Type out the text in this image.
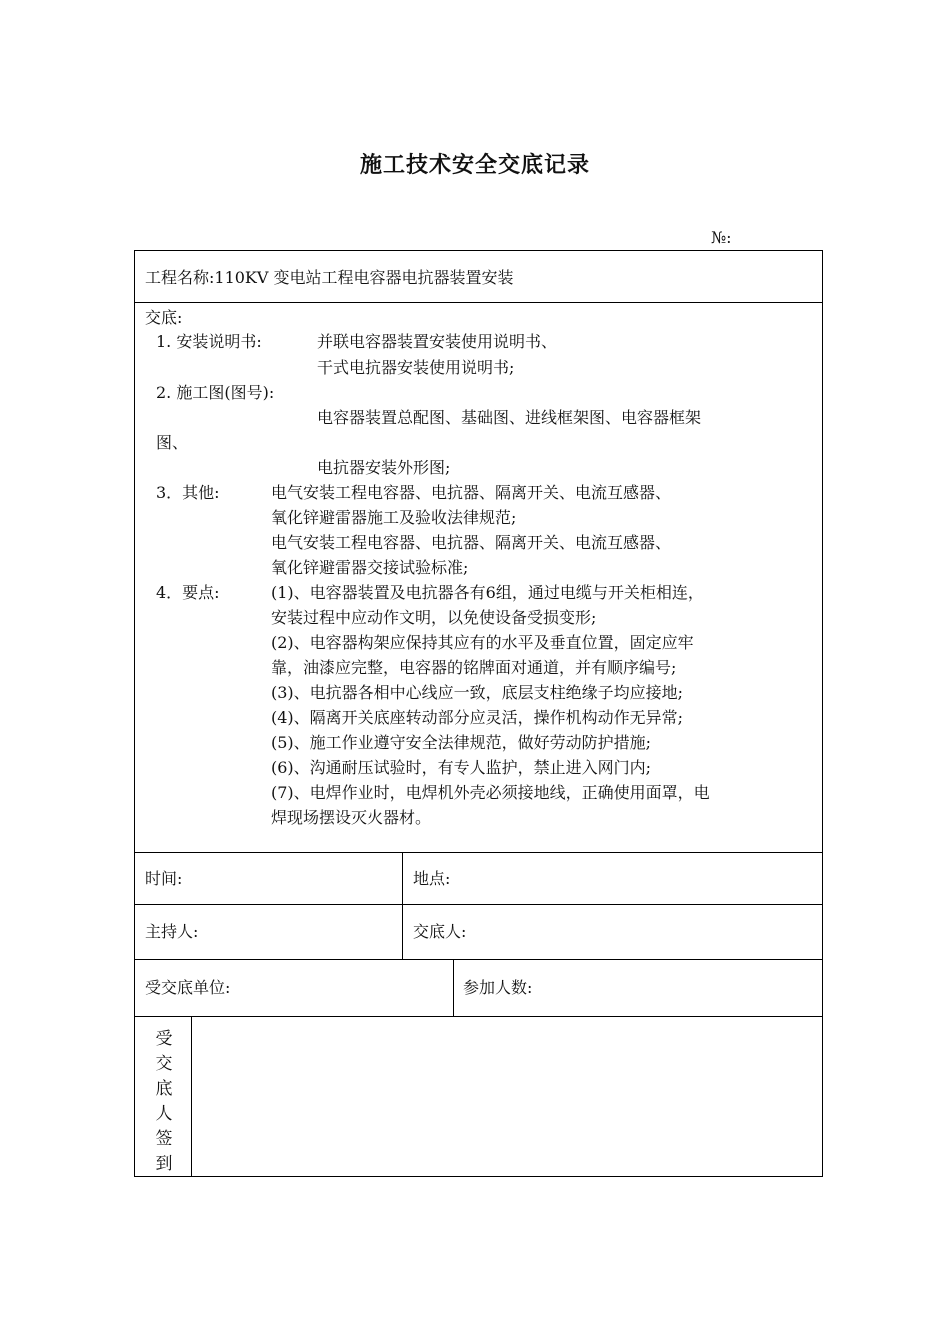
施工技术安全交底记录
№:
工程名称:110KV 变电站工程电容器电抗器装置安装
交底:
1. 安装说明书:	并联电容器装置安装使用说明书、
干式电抗器安装使用说明书;
2. 施工图(图号):
电容器装置总配图、基础图、进线框架图、电容器框架
图、
电抗器安装外形图;
3．其他:	电气安装工程电容器、电抗器、隔离开关、电流互感器、
氧化锌避雷器施工及验收法律规范;
电气安装工程电容器、电抗器、隔离开关、电流互感器、
氧化锌避雷器交接试验标准;
4．要点:	(1)、电容器装置及电抗器各有6组，通过电缆与开关柜相连，
安装过程中应动作文明，以免使设备受损变形;
(2)、电容器构架应保持其应有的水平及垂直位置，固定应牢
靠，油漆应完整，电容器的铭牌面对通道，并有顺序编号;
(3)、电抗器各相中心线应一致，底层支柱绝缘子均应接地;
(4)、隔离开关底座转动部分应灵活，操作机构动作无异常;
(5)、施工作业遵守安全法律规范，做好劳动防护措施;
(6)、沟通耐压试验时，有专人监护，禁止进入网门内;
(7)、电焊作业时，电焊机外壳必须接地线，正确使用面罩，电
焊现场摆设灭火器材。
时间:	地点:
主持人:	交底人:
受交底单位:	参加人数:
受
交
底
人
签
到
